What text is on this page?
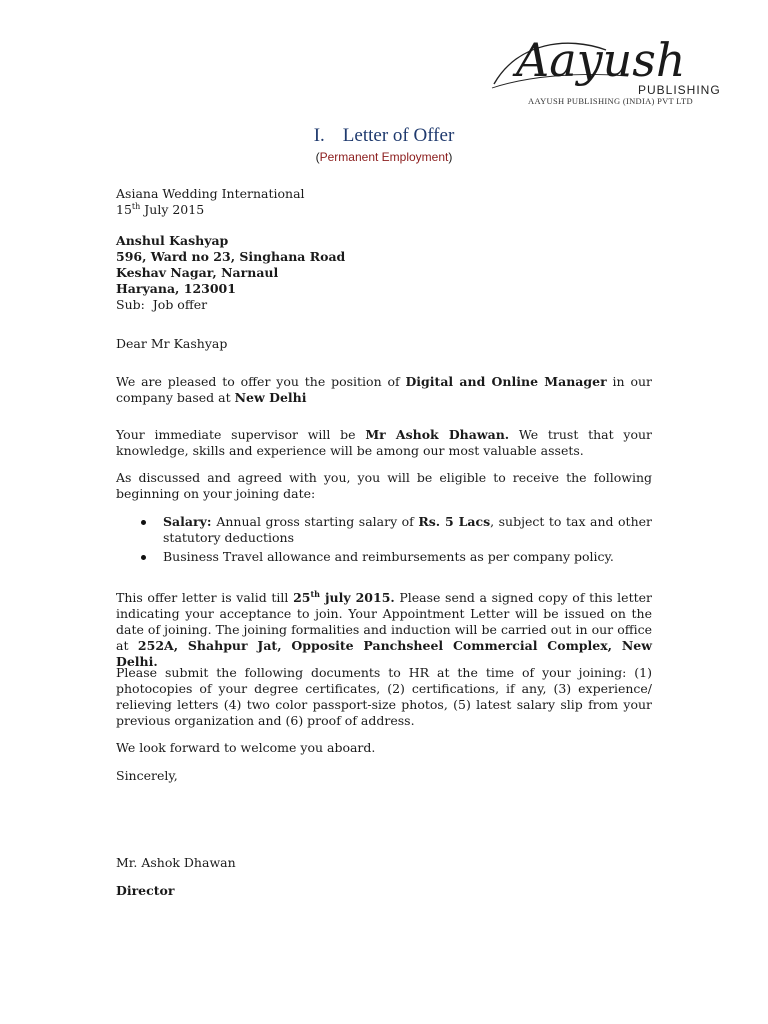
Aayush
PUBLISHING
AAYUSH PUBLISHING (INDIA) PVT LTD
I. Letter of Offer
(Permanent Employment)

Asiana Wedding International

15th July 2015

Anshul Kashyap

596, Ward no 23, Singhana Road

Keshav Nagar, Narnaul

Haryana, 123001

Sub: Job offer

Dear Mr Kashyap

We are pleased to offer you the position of Digital and Online Manager in our company based at New Delhi

Your immediate supervisor will be Mr Ashok Dhawan. We trust that your knowledge, skills and experience will be among our most valuable assets.

As discussed and agreed with you, you will be eligible to receive the following beginning on your joining date:

Salary: Annual gross starting salary of Rs. 5 Lacs, subject to tax and other statutory deductions
Business Travel allowance and reimbursements as per company policy.

This offer letter is valid till 25th july 2015. Please send a signed copy of this letter indicating your acceptance to join. Your Appointment Letter will be issued on the date of joining. The joining formalities and induction will be carried out in our office at 252A, Shahpur Jat, Opposite Panchsheel Commercial Complex, New Delhi.

Please submit the following documents to HR at the time of your joining: (1) photocopies of your degree certificates, (2) certifications, if any, (3) experience/ relieving letters (4) two color passport-size photos, (5) latest salary slip from your previous organization and (6) proof of address.

We look forward to welcome you aboard.

Sincerely,

Mr. Ashok Dhawan

Director
